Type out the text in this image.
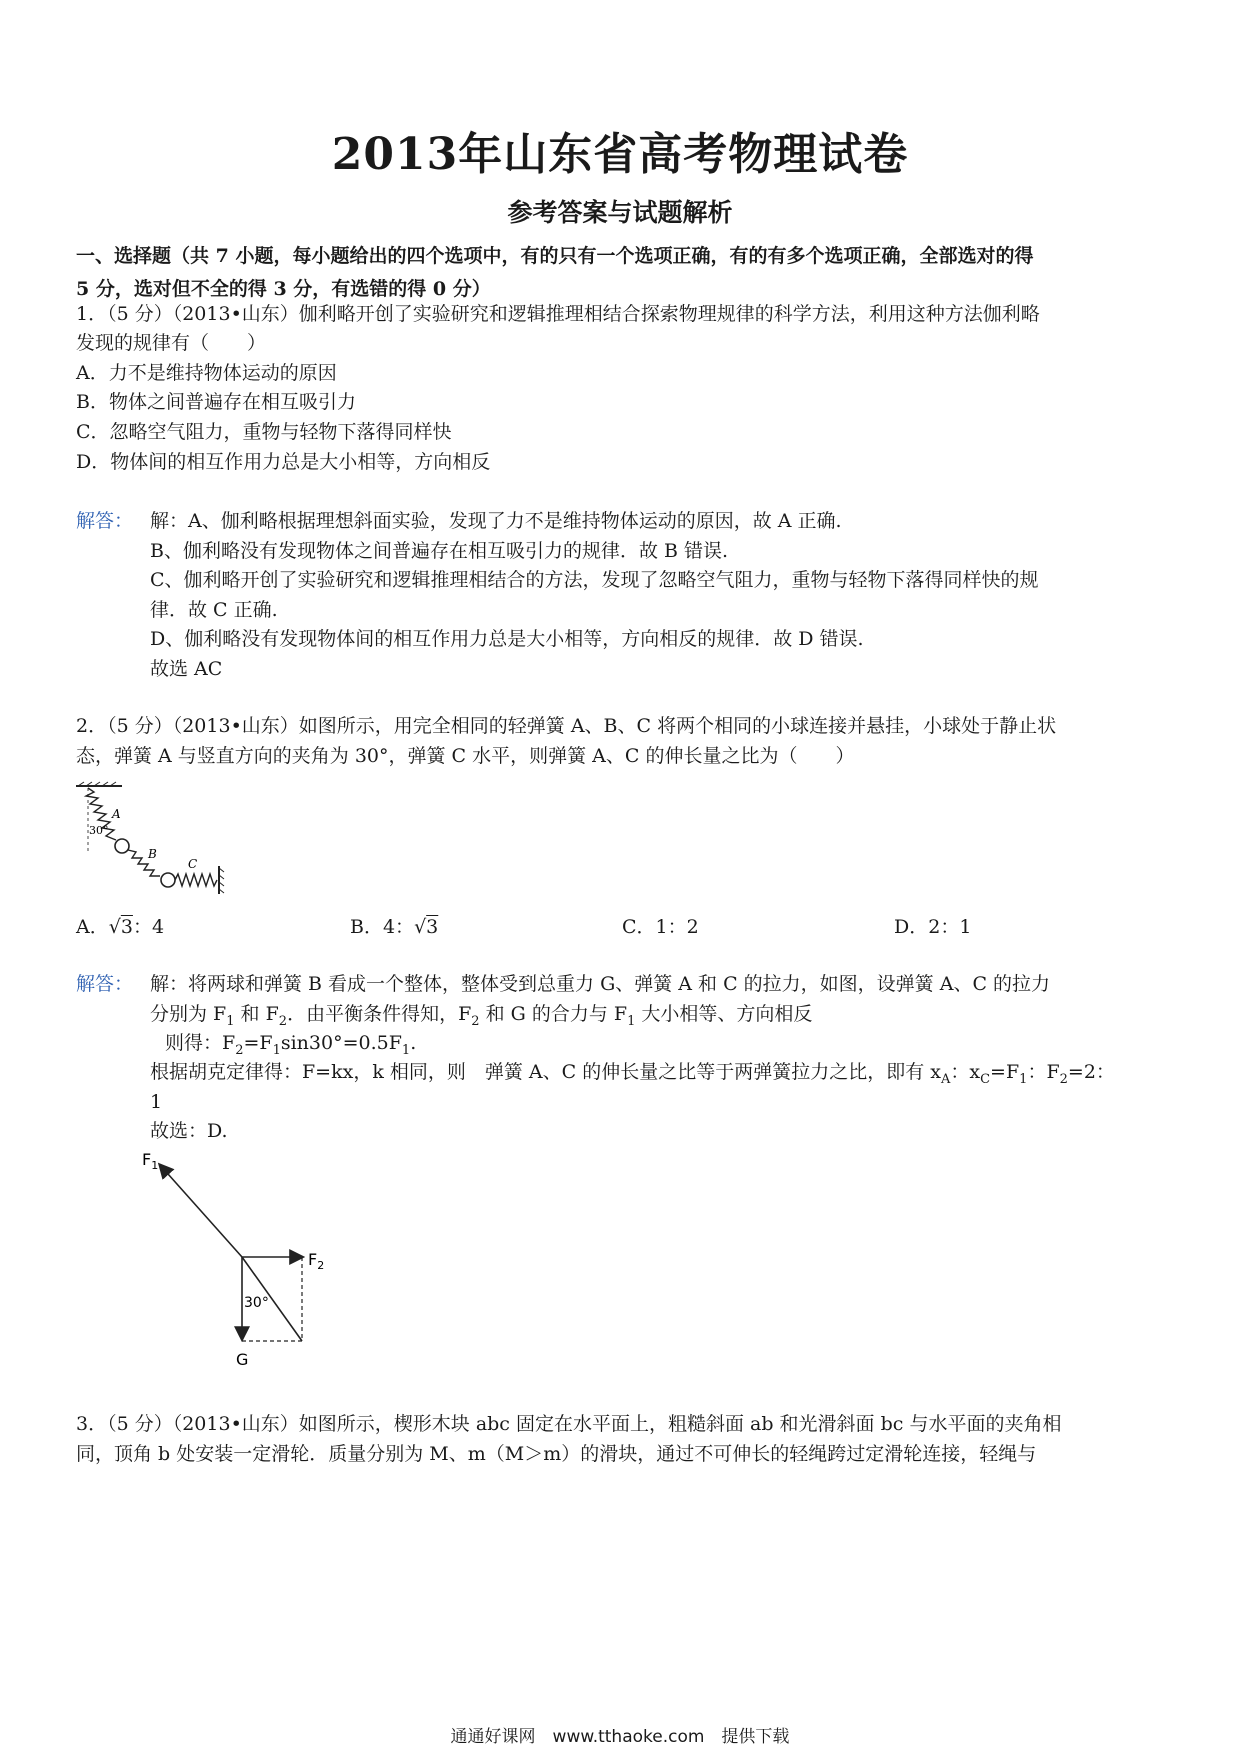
2013年山东省高考物理试卷
参考答案与试题解析
一、选择题（共 7 小题，每小题给出的四个选项中，有的只有一个选项正确，有的有多个选项正确，全部选对的得
5 分，选对但不全的得 3 分，有选错的得 0 分）
1．（5 分）（2013•山东）伽利略开创了实验研究和逻辑推理相结合探索物理规律的科学方法，利用这种方法伽利略
发现的规律有（　　）
A．力不是维持物体运动的原因
B．物体之间普遍存在相互吸引力
C．忽略空气阻力，重物与轻物下落得同样快
D．物体间的相互作用力总是大小相等，方向相反
解答： 解：A、伽利略根据理想斜面实验，发现了力不是维持物体运动的原因，故 A 正确.
B、伽利略没有发现物体之间普遍存在相互吸引力的规律．故 B 错误.
C、伽利略开创了实验研究和逻辑推理相结合的方法，发现了忽略空气阻力，重物与轻物下落得同样快的规
律．故 C 正确.
D、伽利略没有发现物体间的相互作用力总是大小相等，方向相反的规律．故 D 错误.
故选 AC
2．（5 分）（2013•山东）如图所示，用完全相同的轻弹簧 A、B、C 将两个相同的小球连接并悬挂，小球处于静止状
态，弹簧 A 与竖直方向的夹角为 30°，弹簧 C 水平，则弹簧 A、C 的伸长量之比为（　　）
A
B
C
30°
A．√3：4	B．4：√3	C．1：2	D．2：1
解答： 解：将两球和弹簧 B 看成一个整体，整体受到总重力 G、弹簧 A 和 C 的拉力，如图，设弹簧 A、C 的拉力
分别为 $F_1$ 和 $F_2$．由平衡条件得知，$F_2$ 和 G 的合力与 $F_1$ 大小相等、方向相反
则得：$F_2=F_1\sin 30^\circ=0.5F_1$.
根据胡克定律得：F=kx，k 相同，则　弹簧 A、C 的伸长量之比等于两弹簧拉力之比，即有 $x_A$：$x_C=F_1$：$F_2=2$：
1
故选：D.
$F_1$
$F_2$
30°
G
3．（5 分）（2013•山东）如图所示，楔形木块 abc 固定在水平面上，粗糙斜面 ab 和光滑斜面 bc 与水平面的夹角相
同，顶角 b 处安装一定滑轮．质量分别为 M、m（M＞m）的滑块，通过不可伸长的轻绳跨过定滑轮连接，轻绳与
通通好课网　www.tthaoke.com　提供下载
